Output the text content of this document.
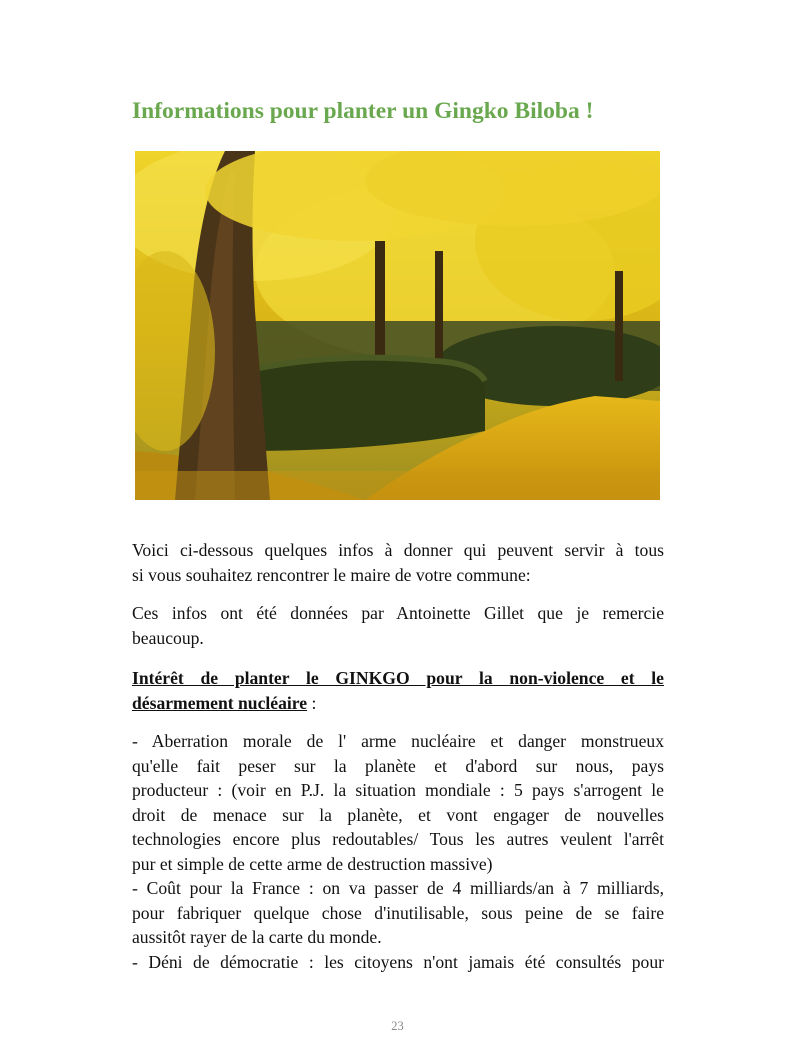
Informations pour planter un Gingko Biloba !
Voici ci-dessous quelques infos à donner qui peuvent servir à tous
si vous souhaitez rencontrer le maire de votre commune:
Ces infos ont été données par Antoinette Gillet que je remercie
beaucoup.
Intérêt de planter le GINKGO pour la non-violence et le
désarmement nucléaire :
- Aberration morale de l' arme nucléaire et danger monstrueux
qu'elle fait peser sur la planète et d'abord sur nous, pays
producteur : (voir en P.J. la situation mondiale : 5 pays s'arrogent le
droit de menace sur la planète, et vont engager de nouvelles
technologies encore plus redoutables/ Tous les autres veulent l'arrêt
pur et simple de cette arme de destruction massive)
- Coût pour la France : on va passer de 4 milliards/an à 7 milliards,
pour fabriquer quelque chose d'inutilisable, sous peine de se faire
aussitôt rayer de la carte du monde.
- Déni de démocratie : les citoyens n'ont jamais été consultés pour
23
